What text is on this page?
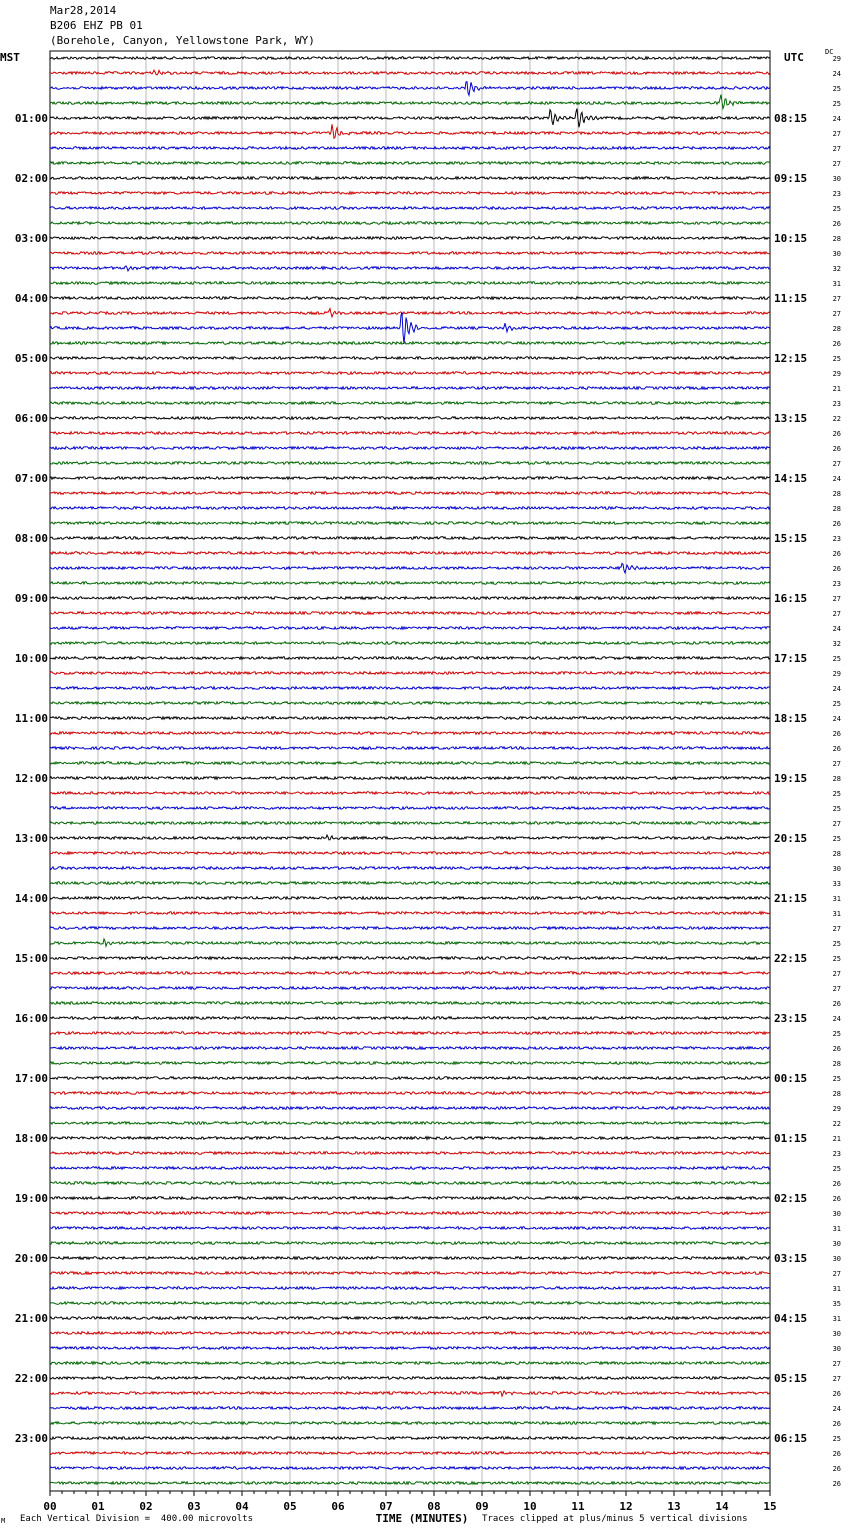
Mar28,2014
B206 EHZ PB 01
(Borehole, Canyon, Yellowstone Park, WY)
MST	UTC	DC
00	01	02	03	04	05	06	07	08	09	10	11	12	13	14	15
TIME (MINUTES)
29
24
25
25
24
27
27
27
30
23
25
26
28
30
32
31
27
27
28
26
25
29
21
23
22
26
26
27
24
28
28
26
23
26
26
23
27
27
24
32
25
29
24
25
24
26
26
27
28
25
25
27
25
28
30
33
31
31
27
25
25
27
27
26
24
25
26
28
25
28
29
22
21
23
25
26
26
30
31
30
30
27
31
35
31
30
30
27
27
26
24
26
25
26
26
26
01:00
02:00
03:00
04:00
05:00
06:00
07:00
08:00
09:00
10:00
11:00
12:00
13:00
14:00
15:00
16:00
17:00
18:00
19:00
20:00
21:00
22:00
23:00
08:15
09:15
10:15
11:15
12:15
13:15
14:15
15:15
16:15
17:15
18:15
19:15
20:15
21:15
22:15
23:15
00:15
01:15
02:15
03:15
04:15
05:15
06:15
M Each Vertical Division =  400.00 microvolts	Traces clipped at plus/minus 5 vertical divisions
